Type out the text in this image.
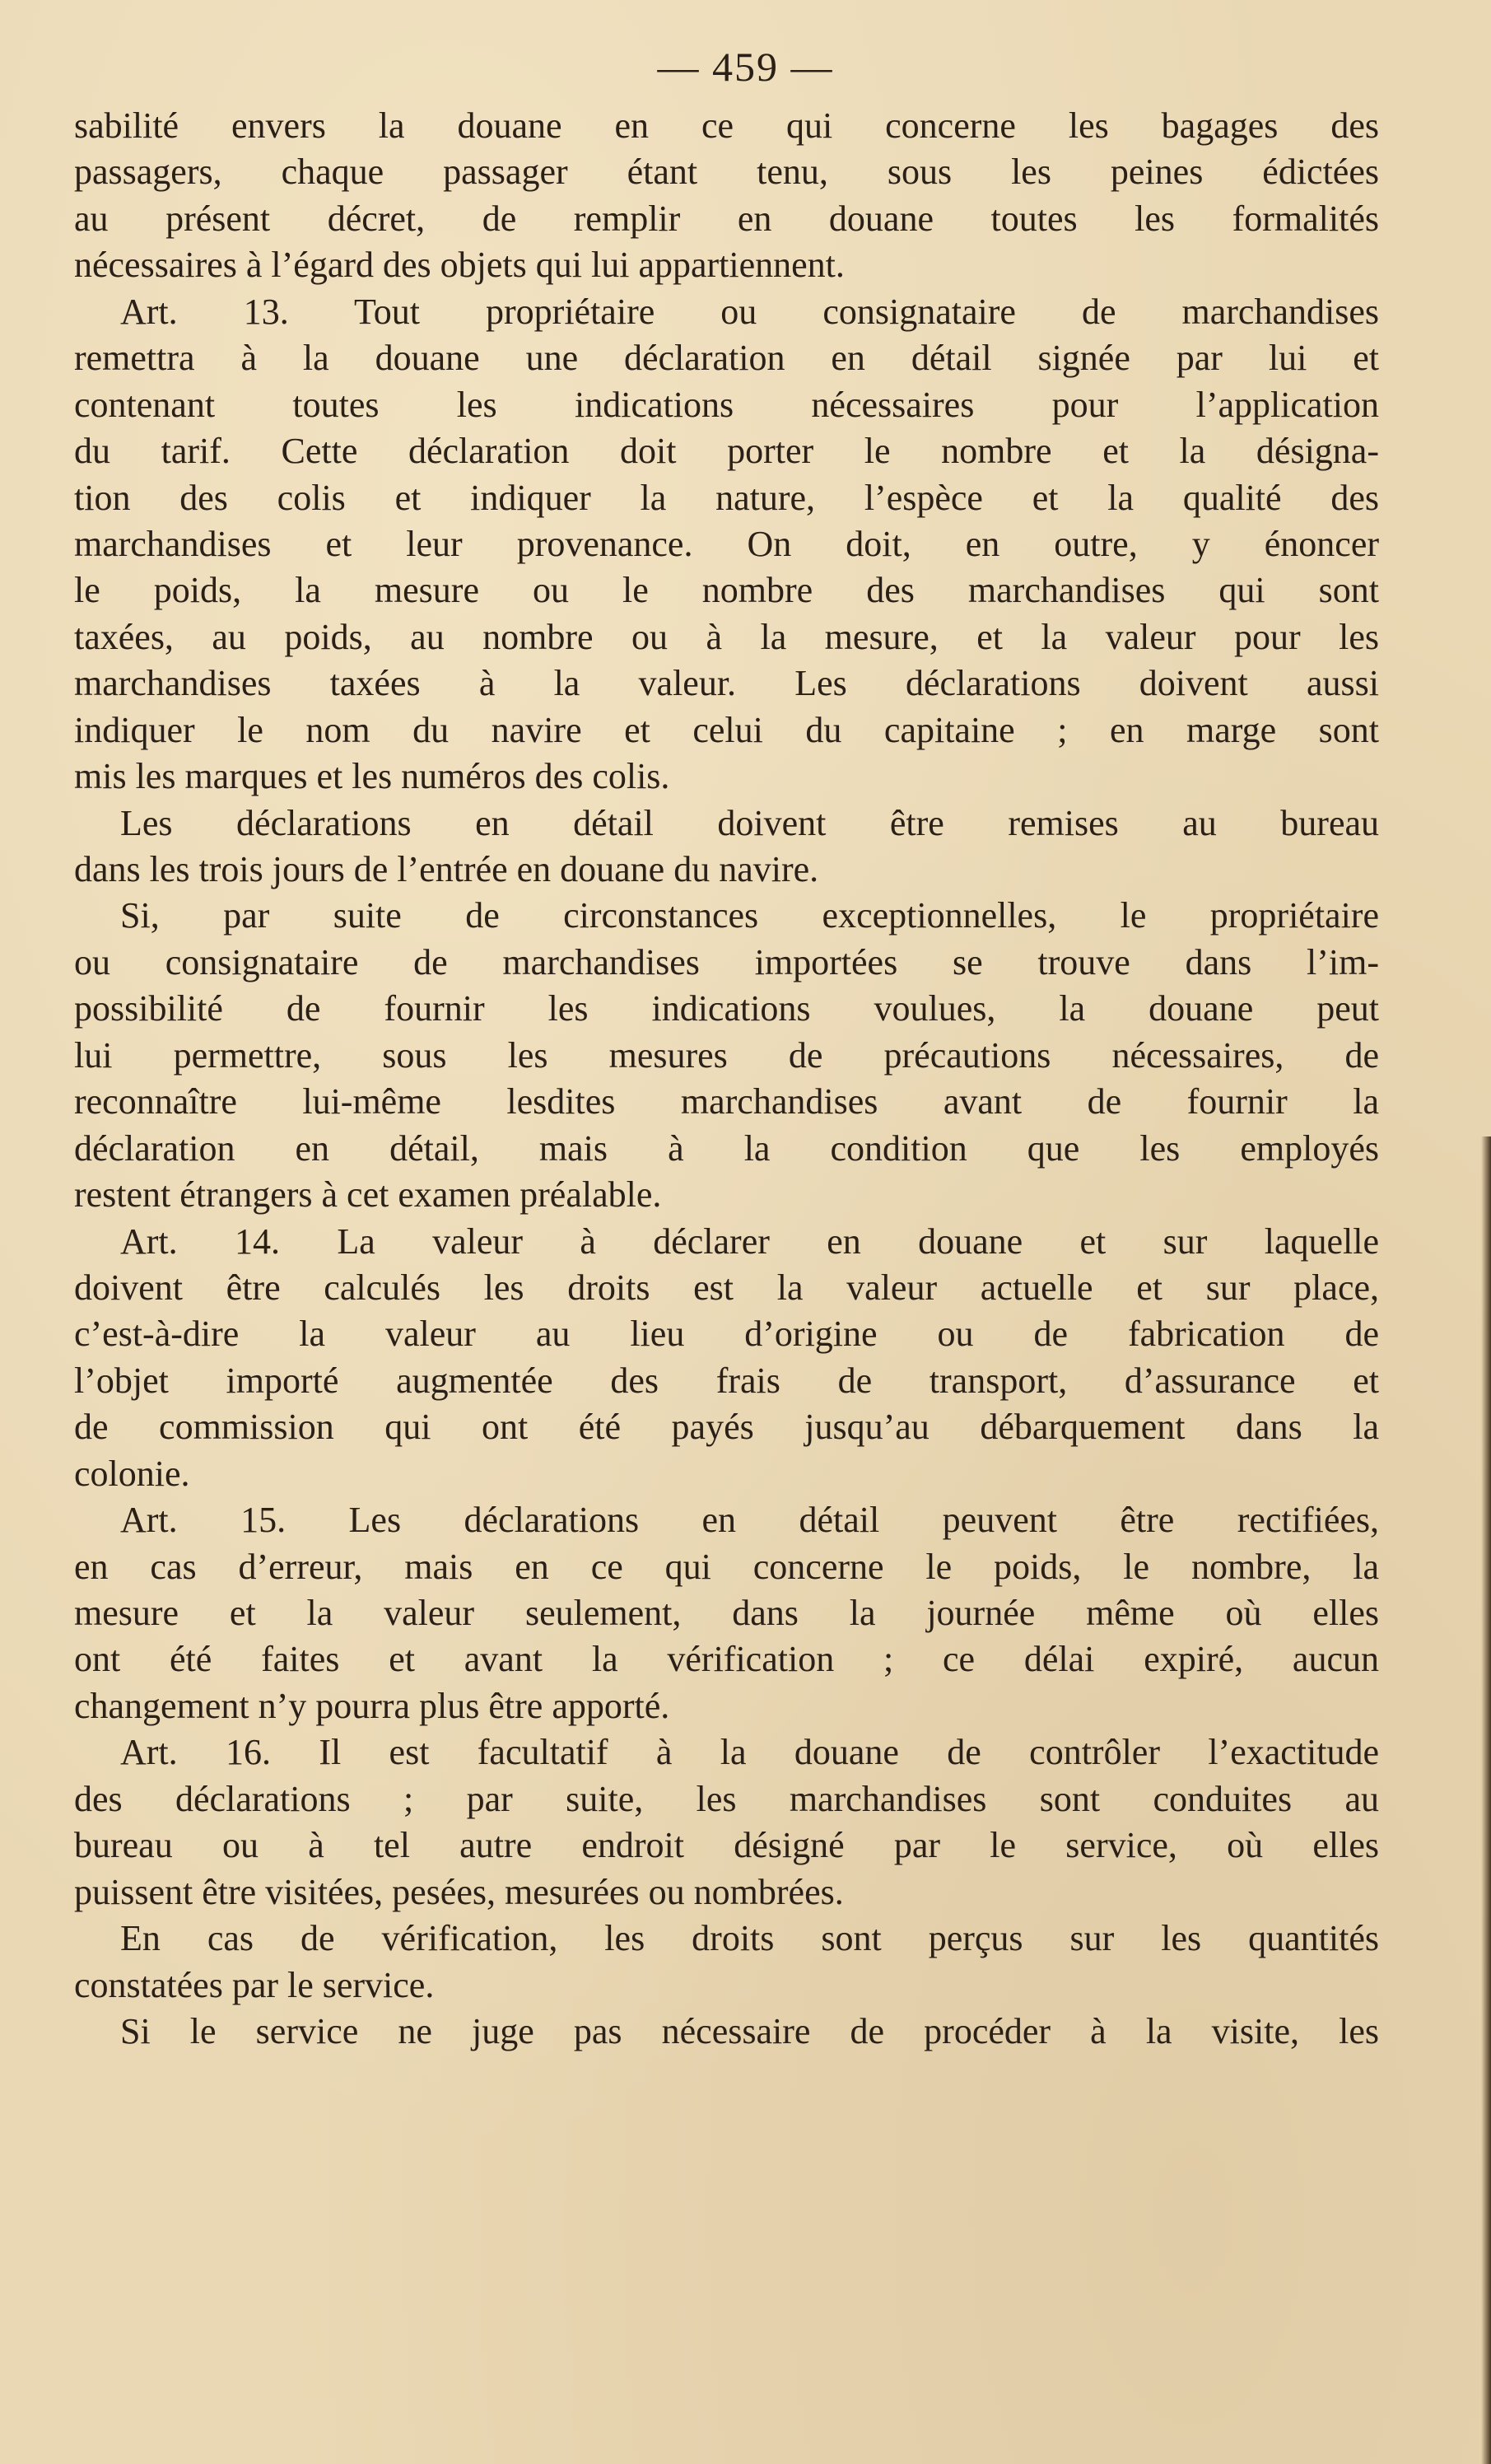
— 459 —
sabilité envers la douane en ce qui concerne les bagages des
passagers, chaque passager étant tenu, sous les peines édictées
au présent décret, de remplir en douane toutes les formalités
nécessaires à l’égard des objets qui lui appartiennent.
Art. 13. Tout propriétaire ou consignataire de marchandises
remettra à la douane une déclaration en détail signée par lui et
contenant toutes les indications nécessaires pour l’application
du tarif. Cette déclaration doit porter le nombre et la désigna-
tion des colis et indiquer la nature, l’espèce et la qualité des
marchandises et leur provenance. On doit, en outre, y énoncer
le poids, la mesure ou le nombre des marchandises qui sont
taxées, au poids, au nombre ou à la mesure, et la valeur pour les
marchandises taxées à la valeur. Les déclarations doivent aussi
indiquer le nom du navire et celui du capitaine ; en marge sont
mis les marques et les numéros des colis.
Les déclarations en détail doivent être remises au bureau
dans les trois jours de l’entrée en douane du navire.
Si, par suite de circonstances exceptionnelles, le propriétaire
ou consignataire de marchandises importées se trouve dans l’im-
possibilité de fournir les indications voulues, la douane peut
lui permettre, sous les mesures de précautions nécessaires, de
reconnaître lui-même lesdites marchandises avant de fournir la
déclaration en détail, mais à la condition que les employés
restent étrangers à cet examen préalable.
Art. 14. La valeur à déclarer en douane et sur laquelle
doivent être calculés les droits est la valeur actuelle et sur place,
c’est-à-dire la valeur au lieu d’origine ou de fabrication de
l’objet importé augmentée des frais de transport, d’assurance et
de commission qui ont été payés jusqu’au débarquement dans la
colonie.
Art. 15. Les déclarations en détail peuvent être rectifiées,
en cas d’erreur, mais en ce qui concerne le poids, le nombre, la
mesure et la valeur seulement, dans la journée même où elles
ont été faites et avant la vérification ; ce délai expiré, aucun
changement n’y pourra plus être apporté.
Art. 16. Il est facultatif à la douane de contrôler l’exactitude
des déclarations ; par suite, les marchandises sont conduites au
bureau ou à tel autre endroit désigné par le service, où elles
puissent être visitées, pesées, mesurées ou nombrées.
En cas de vérification, les droits sont perçus sur les quantités
constatées par le service.
Si le service ne juge pas nécessaire de procéder à la visite, les
